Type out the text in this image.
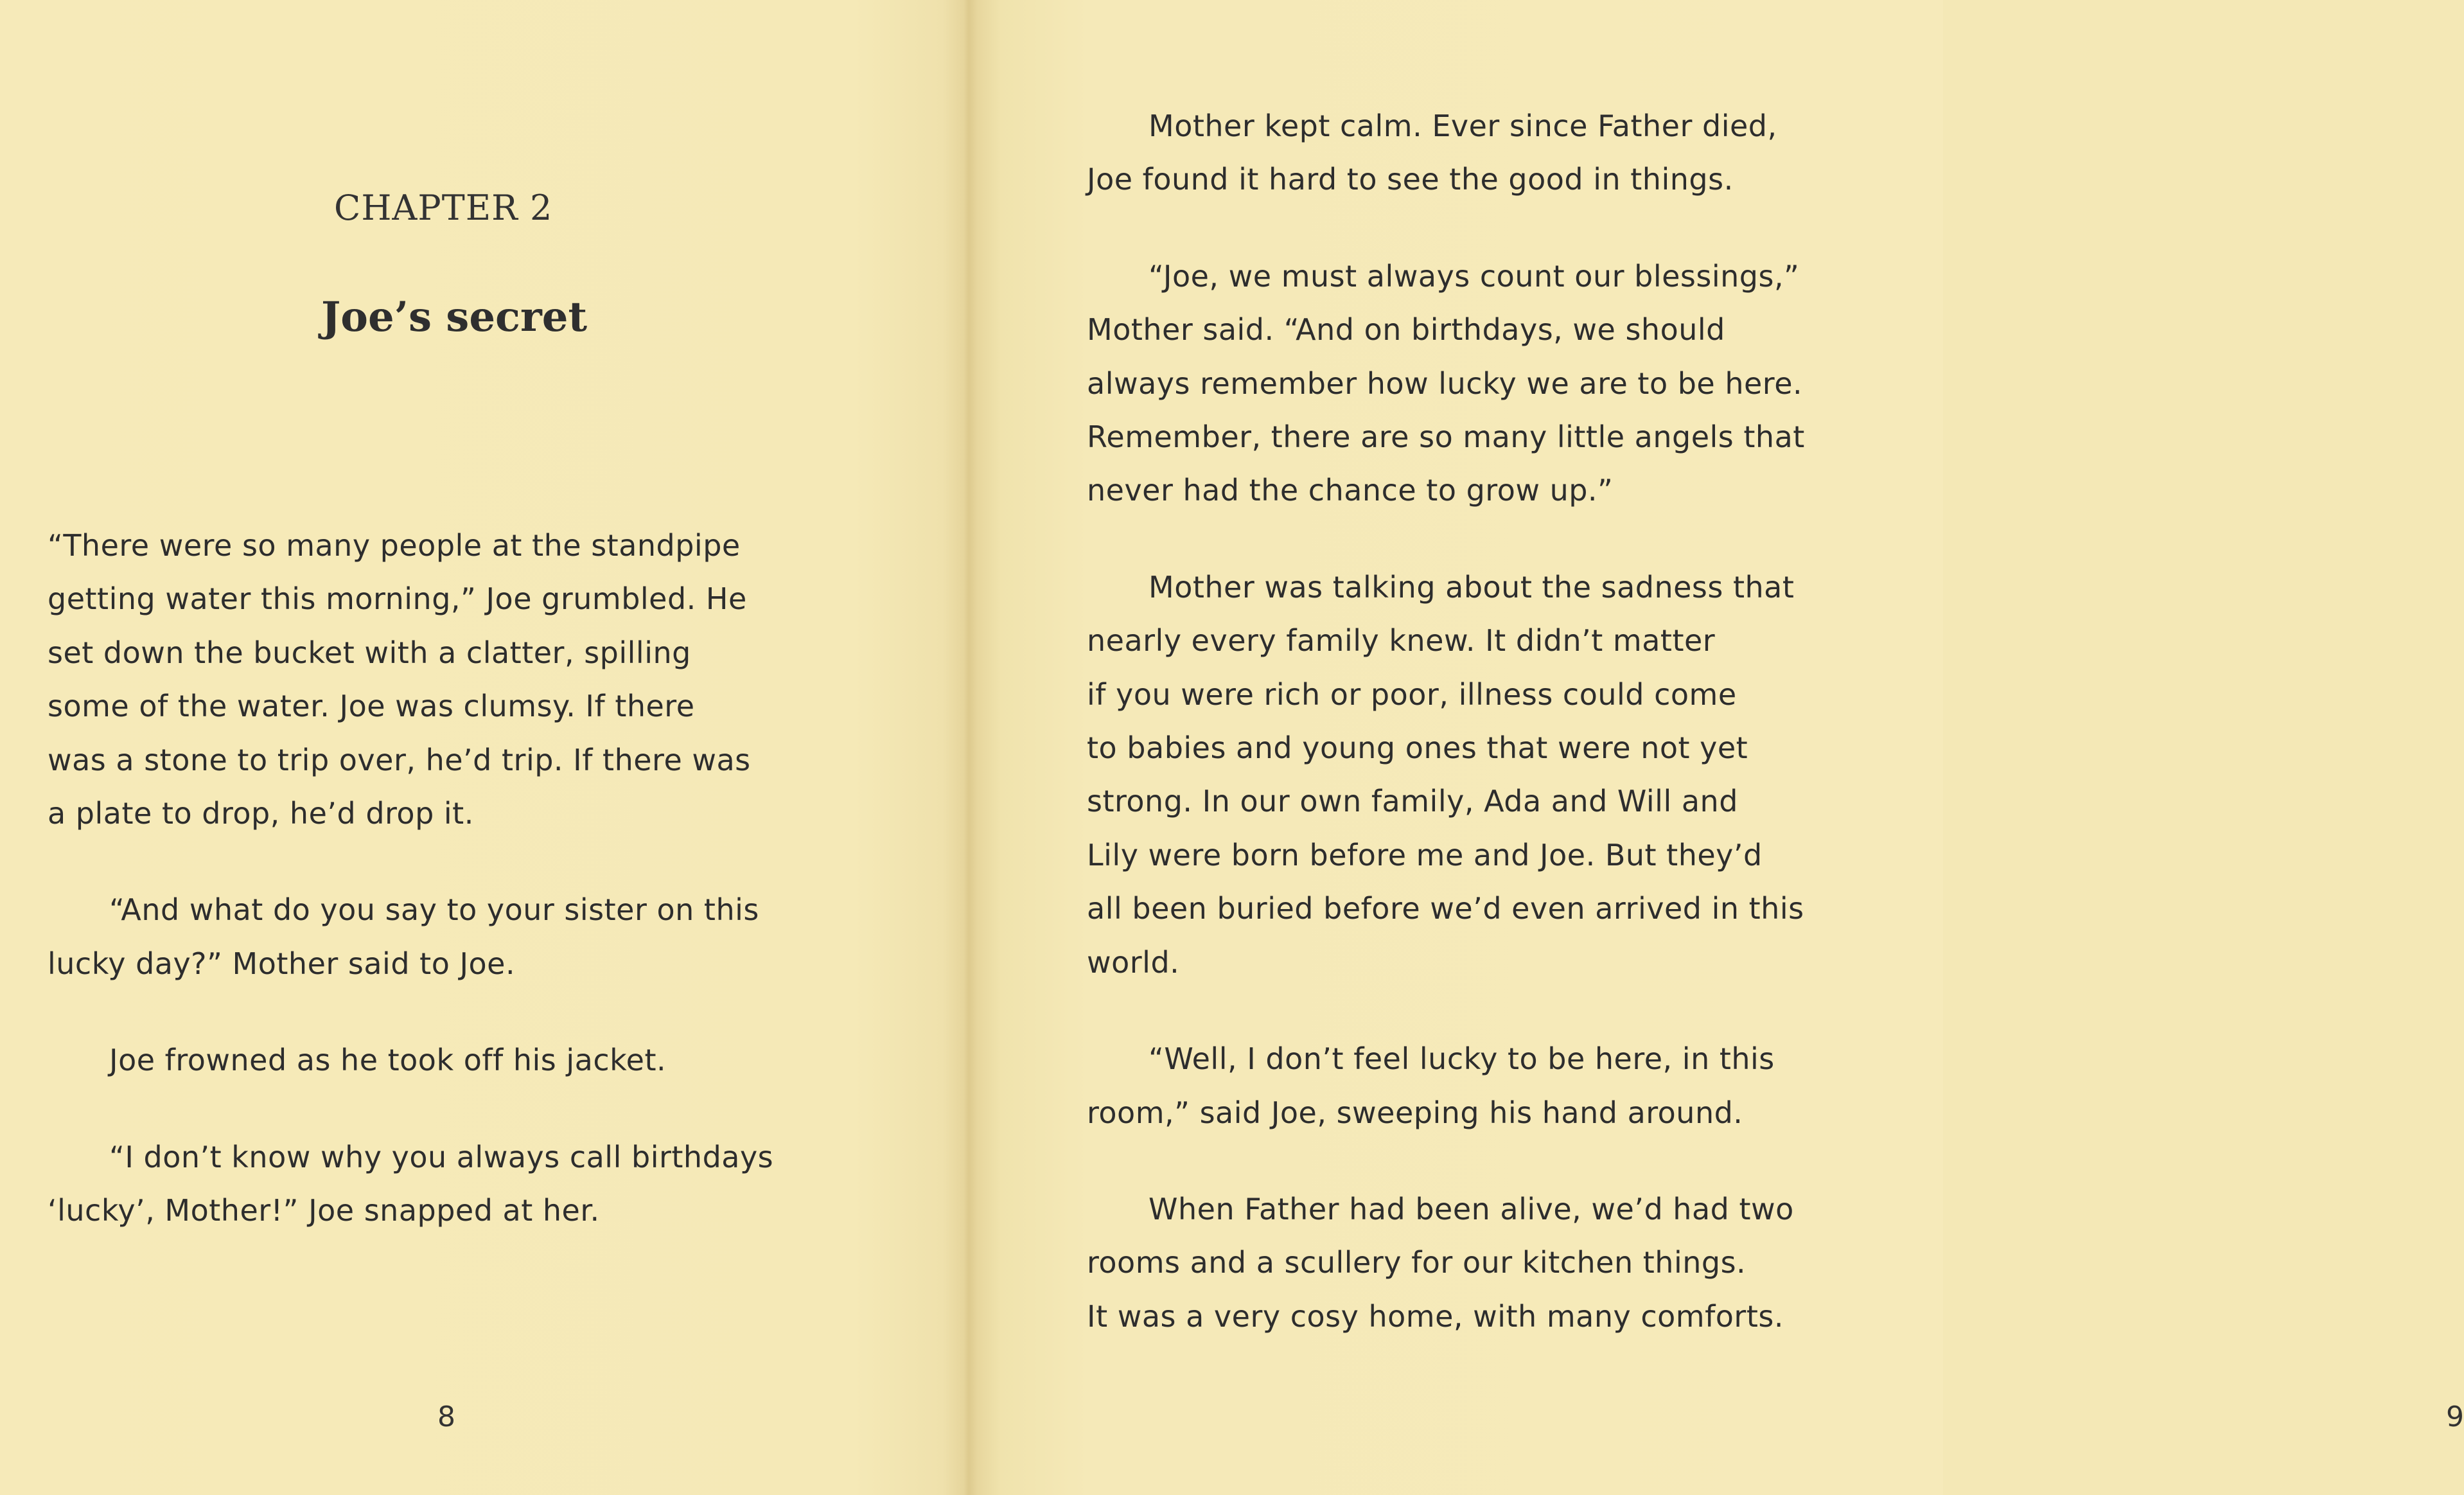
CHAPTER 2
Joe’s secret

“There were so many people at the standpipe
getting water this morning,” Joe grumbled. He
set down the bucket with a clatter, spilling
some of the water. Joe was clumsy. If there
was a stone to trip over, he’d trip. If there was
a plate to drop, he’d drop it.

“And what do you say to your sister on this
lucky day?” Mother said to Joe.

Joe frowned as he took off his jacket.

“I don’t know why you always call birthdays
‘lucky’, Mother!” Joe snapped at her.

8	9

Mother kept calm. Ever since Father died,
Joe found it hard to see the good in things.

“Joe, we must always count our blessings,”
Mother said. “And on birthdays, we should
always remember how lucky we are to be here.
Remember, there are so many little angels that
never had the chance to grow up.”

Mother was talking about the sadness that
nearly every family knew. It didn’t matter
if you were rich or poor, illness could come
to babies and young ones that were not yet
strong. In our own family, Ada and Will and
Lily were born before me and Joe. But they’d
all been buried before we’d even arrived in this
world.

“Well, I don’t feel lucky to be here, in this
room,” said Joe, sweeping his hand around.

When Father had been alive, we’d had two
rooms and a scullery for our kitchen things.
It was a very cosy home, with many comforts.
